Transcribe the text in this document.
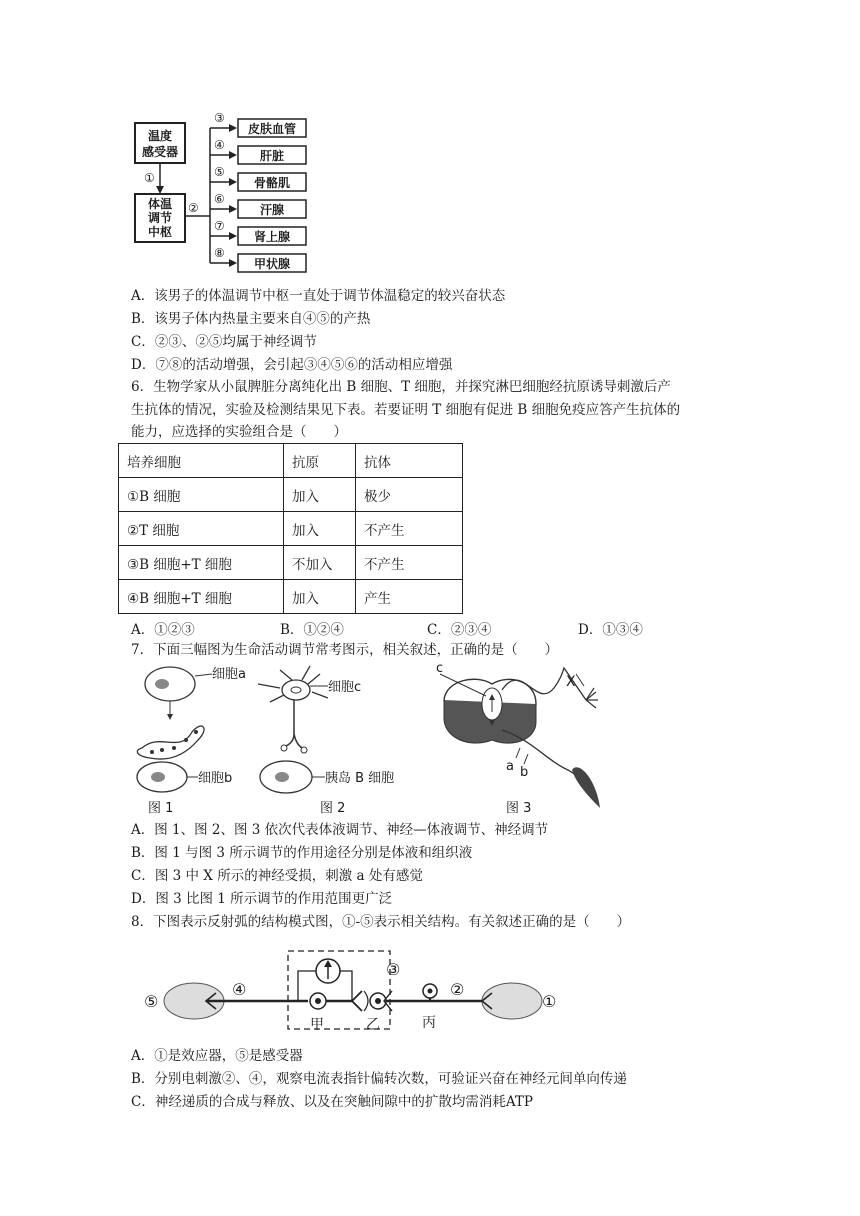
温度
感受器
①
体温
调节
中枢
②
③
皮肤血管
④
肝脏
⑤
骨骼肌
⑥
汗腺
⑦
肾上腺
⑧
甲状腺
A．该男子的体温调节中枢一直处于调节体温稳定的较兴奋状态
B．该男子体内热量主要来自④⑤的产热
C．②③、②⑤均属于神经调节
D．⑦⑧的活动增强，会引起③④⑤⑥的活动相应增强
6．生物学家从小鼠脾脏分离纯化出 B 细胞、T 细胞，并探究淋巴细胞经抗原诱导刺激后产
生抗体的情况，实验及检测结果见下表。若要证明 T 细胞有促进 B 细胞免疫应答产生抗体的
能力，应选择的实验组合是（　　）
培养细胞	抗原	抗体
①B 细胞	加入	极少
②T 细胞	加入	不产生
③B 细胞+T 细胞	不加入	不产生
④B 细胞+T 细胞	加入	产生
A．①②③	B．①②④	C．②③④	D．①③④
7．下面三幅图为生命活动调节常考图示，相关叙述，正确的是（　　）
细胞a
细胞b
图 1
细胞c
胰岛 B 细胞
图 2
c
X
a b
图 3
A．图 1、图 2、图 3 依次代表体液调节、神经—体液调节、神经调节
B．图 1 与图 3 所示调节的作用途径分别是体液和组织液
C．图 3 中 X 所示的神经受损，刺激 a 处有感觉
D．图 3 比图 1 所示调节的作用范围更广泛
8．下图表示反射弧的结构模式图，①-⑤表示相关结构。有关叙述正确的是（　　）
⑤
④
③
甲	乙	丙
②
①
A．①是效应器，⑤是感受器
B．分别电刺激②、④，观察电流表指针偏转次数，可验证兴奋在神经元间单向传递
C．神经递质的合成与释放、以及在突触间隙中的扩散均需消耗ATP
